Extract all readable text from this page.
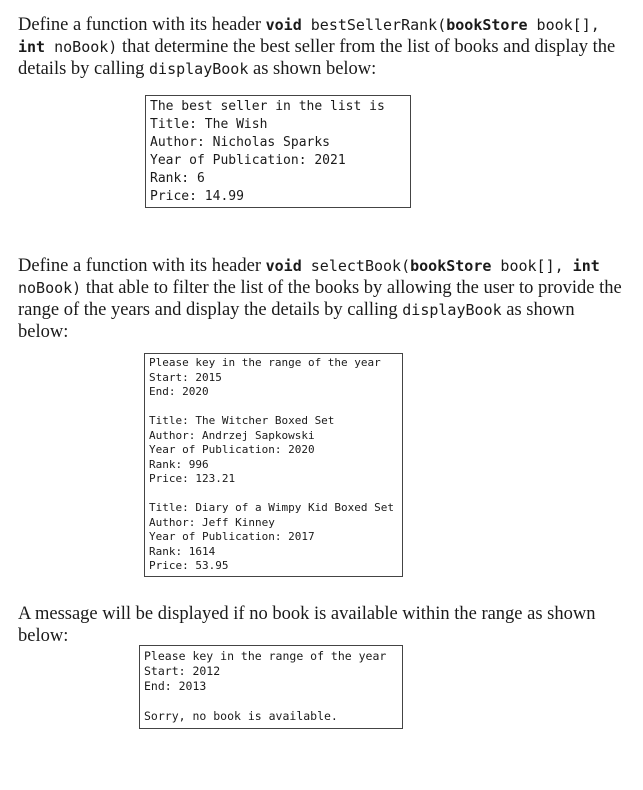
Define a function with its header void bestSellerRank(bookStore book[],
int noBook) that determine the best seller from the list of books and display the details by calling displayBook as shown below:
The best seller in the list is
Title: The Wish
Author: Nicholas Sparks
Year of Publication: 2021
Rank: 6
Price: 14.99
Define a function with its header void selectBook(bookStore book[], int
noBook) that able to filter the list of the books by allowing the user to provide the range of the years and display the details by calling displayBook as shown below:
Please key in the range of the year
Start: 2015
End: 2020

Title: The Witcher Boxed Set
Author: Andrzej Sapkowski
Year of Publication: 2020
Rank: 996
Price: 123.21

Title: Diary of a Wimpy Kid Boxed Set
Author: Jeff Kinney
Year of Publication: 2017
Rank: 1614
Price: 53.95
A message will be displayed if no book is available within the range as shown below:
Please key in the range of the year
Start: 2012
End: 2013

Sorry, no book is available.
